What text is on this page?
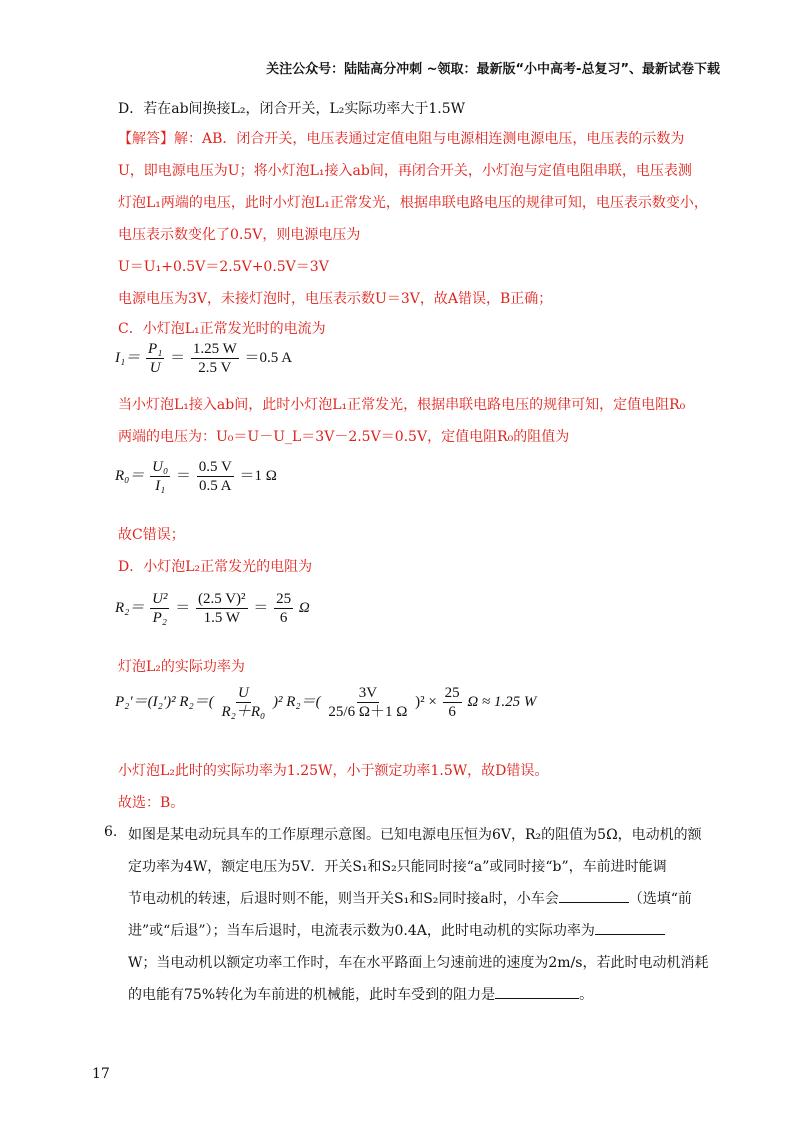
关注公众号：陆陆高分冲刺 ~领取：最新版“小中高考-总复习”、最新试卷下载
D．若在ab间换接L₂，闭合开关，L₂实际功率大于1.5W
【解答】解：AB．闭合开关，电压表通过定值电阻与电源相连测电源电压，电压表的示数为
U，即电源电压为U；将小灯泡L₁接入ab间，再闭合开关，小灯泡与定值电阻串联，电压表测
灯泡L₁两端的电压，此时小灯泡L₁正常发光，根据串联电路电压的规律可知，电压表示数变小，
电压表示数变化了0.5V，则电源电压为
U＝U₁+0.5V＝2.5V+0.5V＝3V
电源电压为3V，未接灯泡时，电压表示数U＝3V，故A错误，B正确；
C．小灯泡L₁正常发光时的电流为
$I_1= \frac{\text{P₁}}{U} = \frac{1.25 W}{2.5 V} =0.5$ A
当小灯泡L₁接入ab间，此时小灯泡L₁正常发光，根据串联电路电压的规律可知，定值电阻R₀
两端的电压为：U₀＝U－U_L＝3V－2.5V＝0.5V，定值电阻R₀的阻值为
$R_0= \frac{\text{U₀}}{\text{I₁}} = \frac{0.5 V}{0.5 A} =1$ Ω
故C错误；
D．小灯泡L₂正常发光的电阻为
$R_2= \frac{\text{U²}}{\text{P₂}} = \frac{\text{(2.5 V)²}}{1.5 W} = \frac{25}{6}$ Ω
灯泡L₂的实际功率为
P₂′＝(I₂′)² $R_2=( \frac{U}{\text{R₂＋R₀}} )^2$ $R_2=( \frac{3V}{25/6 \Omega+1 \Omega} )^2 \times \frac{25}{6}$ Ω ≈ 1.25 W
小灯泡L₂此时的实际功率为1.25W，小于额定功率1.5W，故D错误。
故选：B。
6. 如图是某电动玩具车的工作原理示意图。已知电源电压恒为6V，R₂的阻值为5Ω，电动机的额
定功率为4W，额定电压为5V．开关S₁和S₂只能同时接“a”或同时接“b”，车前进时能调
节电动机的转速，后退时则不能，则当开关S₁和S₂同时接a时，小车会	（选填“前
进”或“后退”）；当车后退时，电流表示数为0.4A，此时电动机的实际功率为
W；当电动机以额定功率工作时，车在水平路面上匀速前进的速度为2m/s，若此时电动机消耗
的电能有75%转化为车前进的机械能，此时车受到的阻力是	。
17
